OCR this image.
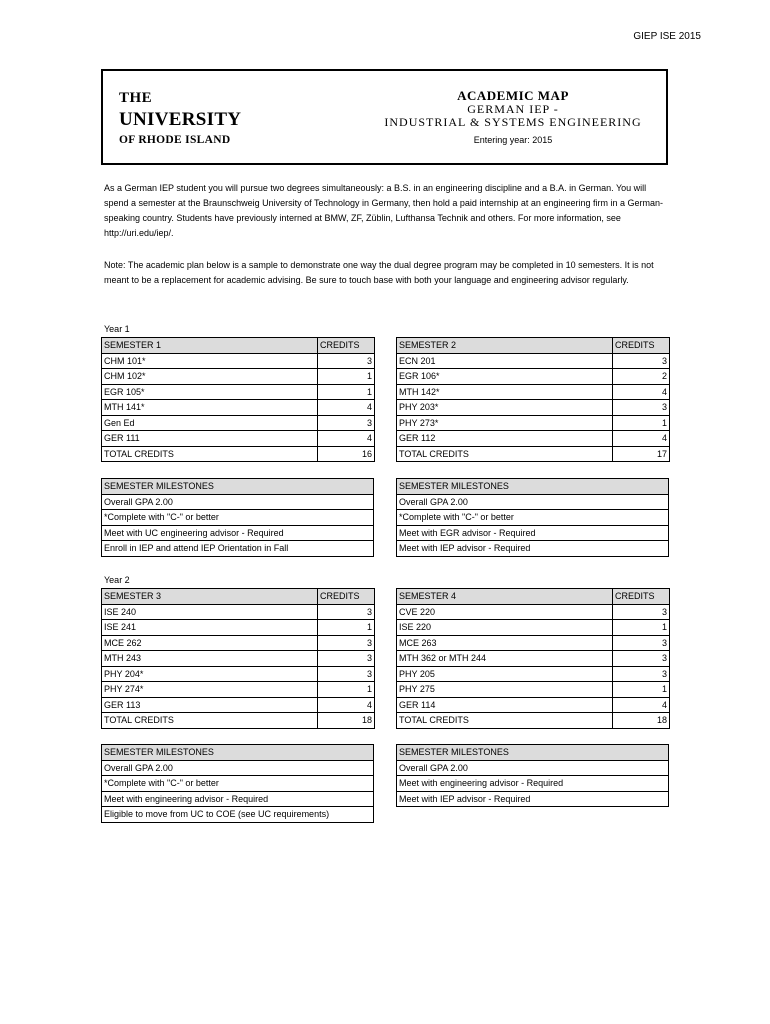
GIEP ISE 2015
THE
UNIVERSITY
OF RHODE ISLAND
ACADEMIC MAP
GERMAN IEP -
INDUSTRIAL & SYSTEMS ENGINEERING
Entering year: 2015
As a German IEP student you will pursue two degrees simultaneously: a B.S. in an engineering discipline and a B.A. in German. You will spend a semester at the Braunschweig University of Technology in Germany, then hold a paid internship at an engineering firm in a German-speaking country. Students have previously interned at BMW, ZF, Züblin, Lufthansa Technik and others. For more information, see http://uri.edu/iep/.
Note: The academic plan below is a sample to demonstrate one way the dual degree program may be completed in 10 semesters. It is not meant to be a replacement for academic advising. Be sure to touch base with both your language and engineering advisor regularly.
Year 1
SEMESTER 1	CREDITS
CHM 101*	3
CHM 102*	1
EGR 105*	1
MTH 141*	4
Gen Ed	3
GER 111	4
TOTAL CREDITS	16
SEMESTER 2	CREDITS
ECN 201	3
EGR 106*	2
MTH 142*	4
PHY 203*	3
PHY 273*	1
GER 112	4
TOTAL CREDITS	17
SEMESTER MILESTONES
Overall GPA 2.00
*Complete with "C-" or better
Meet with UC engineering advisor - Required
Enroll in IEP and attend IEP Orientation in Fall
SEMESTER MILESTONES
Overall GPA 2.00
*Complete with "C-" or better
Meet with EGR advisor - Required
Meet with IEP advisor - Required
Year 2
SEMESTER 3	CREDITS
ISE 240	3
ISE 241	1
MCE 262	3
MTH 243	3
PHY 204*	3
PHY 274*	1
GER 113	4
TOTAL CREDITS	18
SEMESTER 4	CREDITS
CVE 220	3
ISE 220	1
MCE 263	3
MTH 362 or MTH 244	3
PHY 205	3
PHY 275	1
GER 114	4
TOTAL CREDITS	18
SEMESTER MILESTONES
Overall GPA 2.00
*Complete with "C-" or better
Meet with engineering advisor - Required
Eligible to move from UC to COE (see UC requirements)
SEMESTER MILESTONES
Overall GPA 2.00
Meet with engineering advisor - Required
Meet with IEP advisor - Required
